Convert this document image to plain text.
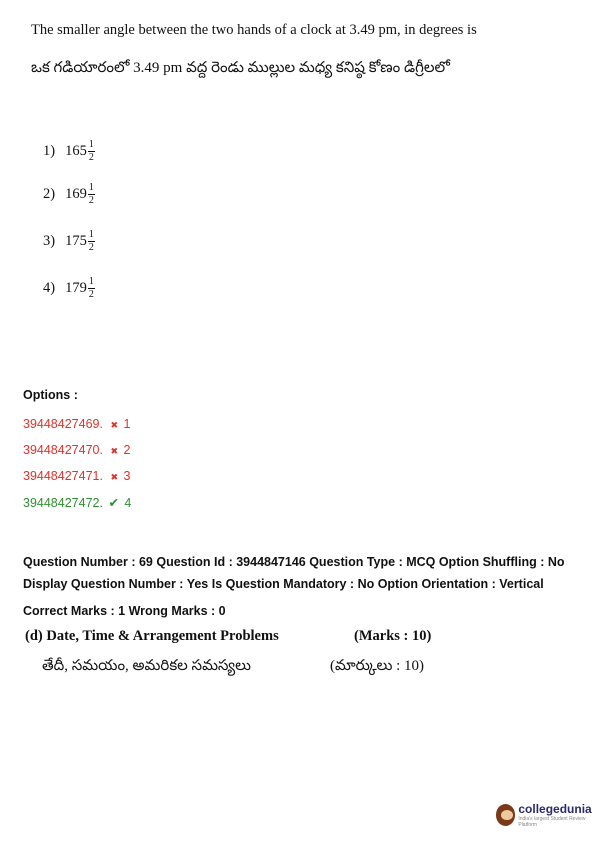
The smaller angle between the two hands of a clock at 3.49 pm, in degrees is
ఒక గడియారంలో 3.49 pm వద్ద రెండు ముల్లుల మధ్య కనిష్ఠ కోణం డిగ్రీలలో
1) $165 \frac{1}{2}$
2) $169 \frac{1}{2}$
3) $175 \frac{1}{2}$
4) $179 \frac{1}{2}$
Options :
39448427469. ✖ 1
39448427470. ✖ 2
39448427471. ✖ 3
39448427472. ✔ 4
Question Number : 69 Question Id : 3944847146 Question Type : MCQ Option Shuffling : No
Display Question Number : Yes Is Question Mandatory : No Option Orientation : Vertical
Correct Marks : 1 Wrong Marks : 0
(d) Date, Time & Arrangement Problems	(Marks : 10)
తేదీ, సమయం, అమరికల సమస్యలు	(మార్కులు : 10)
collegedunia
India's largest Student Review Platform
